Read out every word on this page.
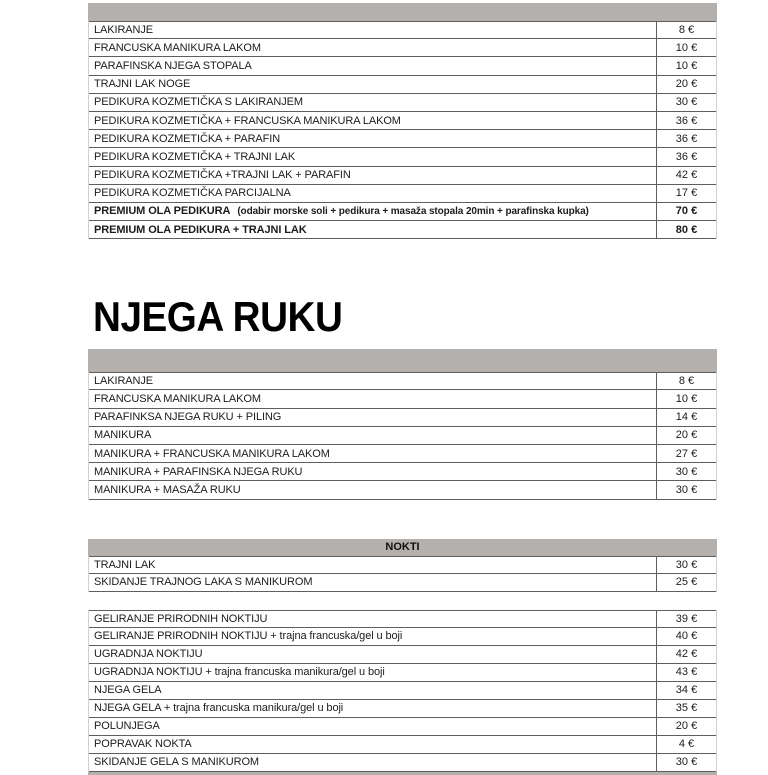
LAKIRANJE	8 €
FRANCUSKA MANIKURA LAKOM	10 €
PARAFINSKA NJEGA STOPALA	10 €
TRAJNI LAK NOGE	20 €
PEDIKURA KOZMETIČKA S LAKIRANJEM	30 €
PEDIKURA KOZMETIČKA + FRANCUSKA MANIKURA LAKOM	36 €
PEDIKURA KOZMETIČKA + PARAFIN	36 €
PEDIKURA KOZMETIČKA + TRAJNI LAK	36 €
PEDIKURA KOZMETIČKA +TRAJNI LAK + PARAFIN	42 €
PEDIKURA KOZMETIČKA PARCIJALNA	17 €
PREMIUM OLA PEDIKURA (odabir morske soli + pedikura + masaža stopala 20min + parafinska kupka)	70 €
PREMIUM OLA PEDIKURA + TRAJNI LAK	80 €
NJEGA RUKU
LAKIRANJE	8 €
FRANCUSKA MANIKURA LAKOM	10 €
PARAFINKSA NJEGA RUKU + PILING	14 €
MANIKURA	20 €
MANIKURA + FRANCUSKA MANIKURA LAKOM	27 €
MANIKURA + PARAFINSKA NJEGA RUKU	30 €
MANIKURA + MASAŽA RUKU	30 €
NOKTI
TRAJNI LAK	30 €
SKIDANJE TRAJNOG LAKA S MANIKUROM	25 €
GELIRANJE PRIRODNIH NOKTIJU	39 €
GELIRANJE PRIRODNIH NOKTIJU + trajna francuska/gel u boji	40 €
UGRADNJA NOKTIJU	42 €
UGRADNJA NOKTIJU + trajna francuska manikura/gel u boji	43 €
NJEGA GELA	34 €
NJEGA GELA + trajna francuska manikura/gel u boji	35 €
POLUNJEGA	20 €
POPRAVAK NOKTA	4 €
SKIDANJE GELA S MANIKUROM	30 €
